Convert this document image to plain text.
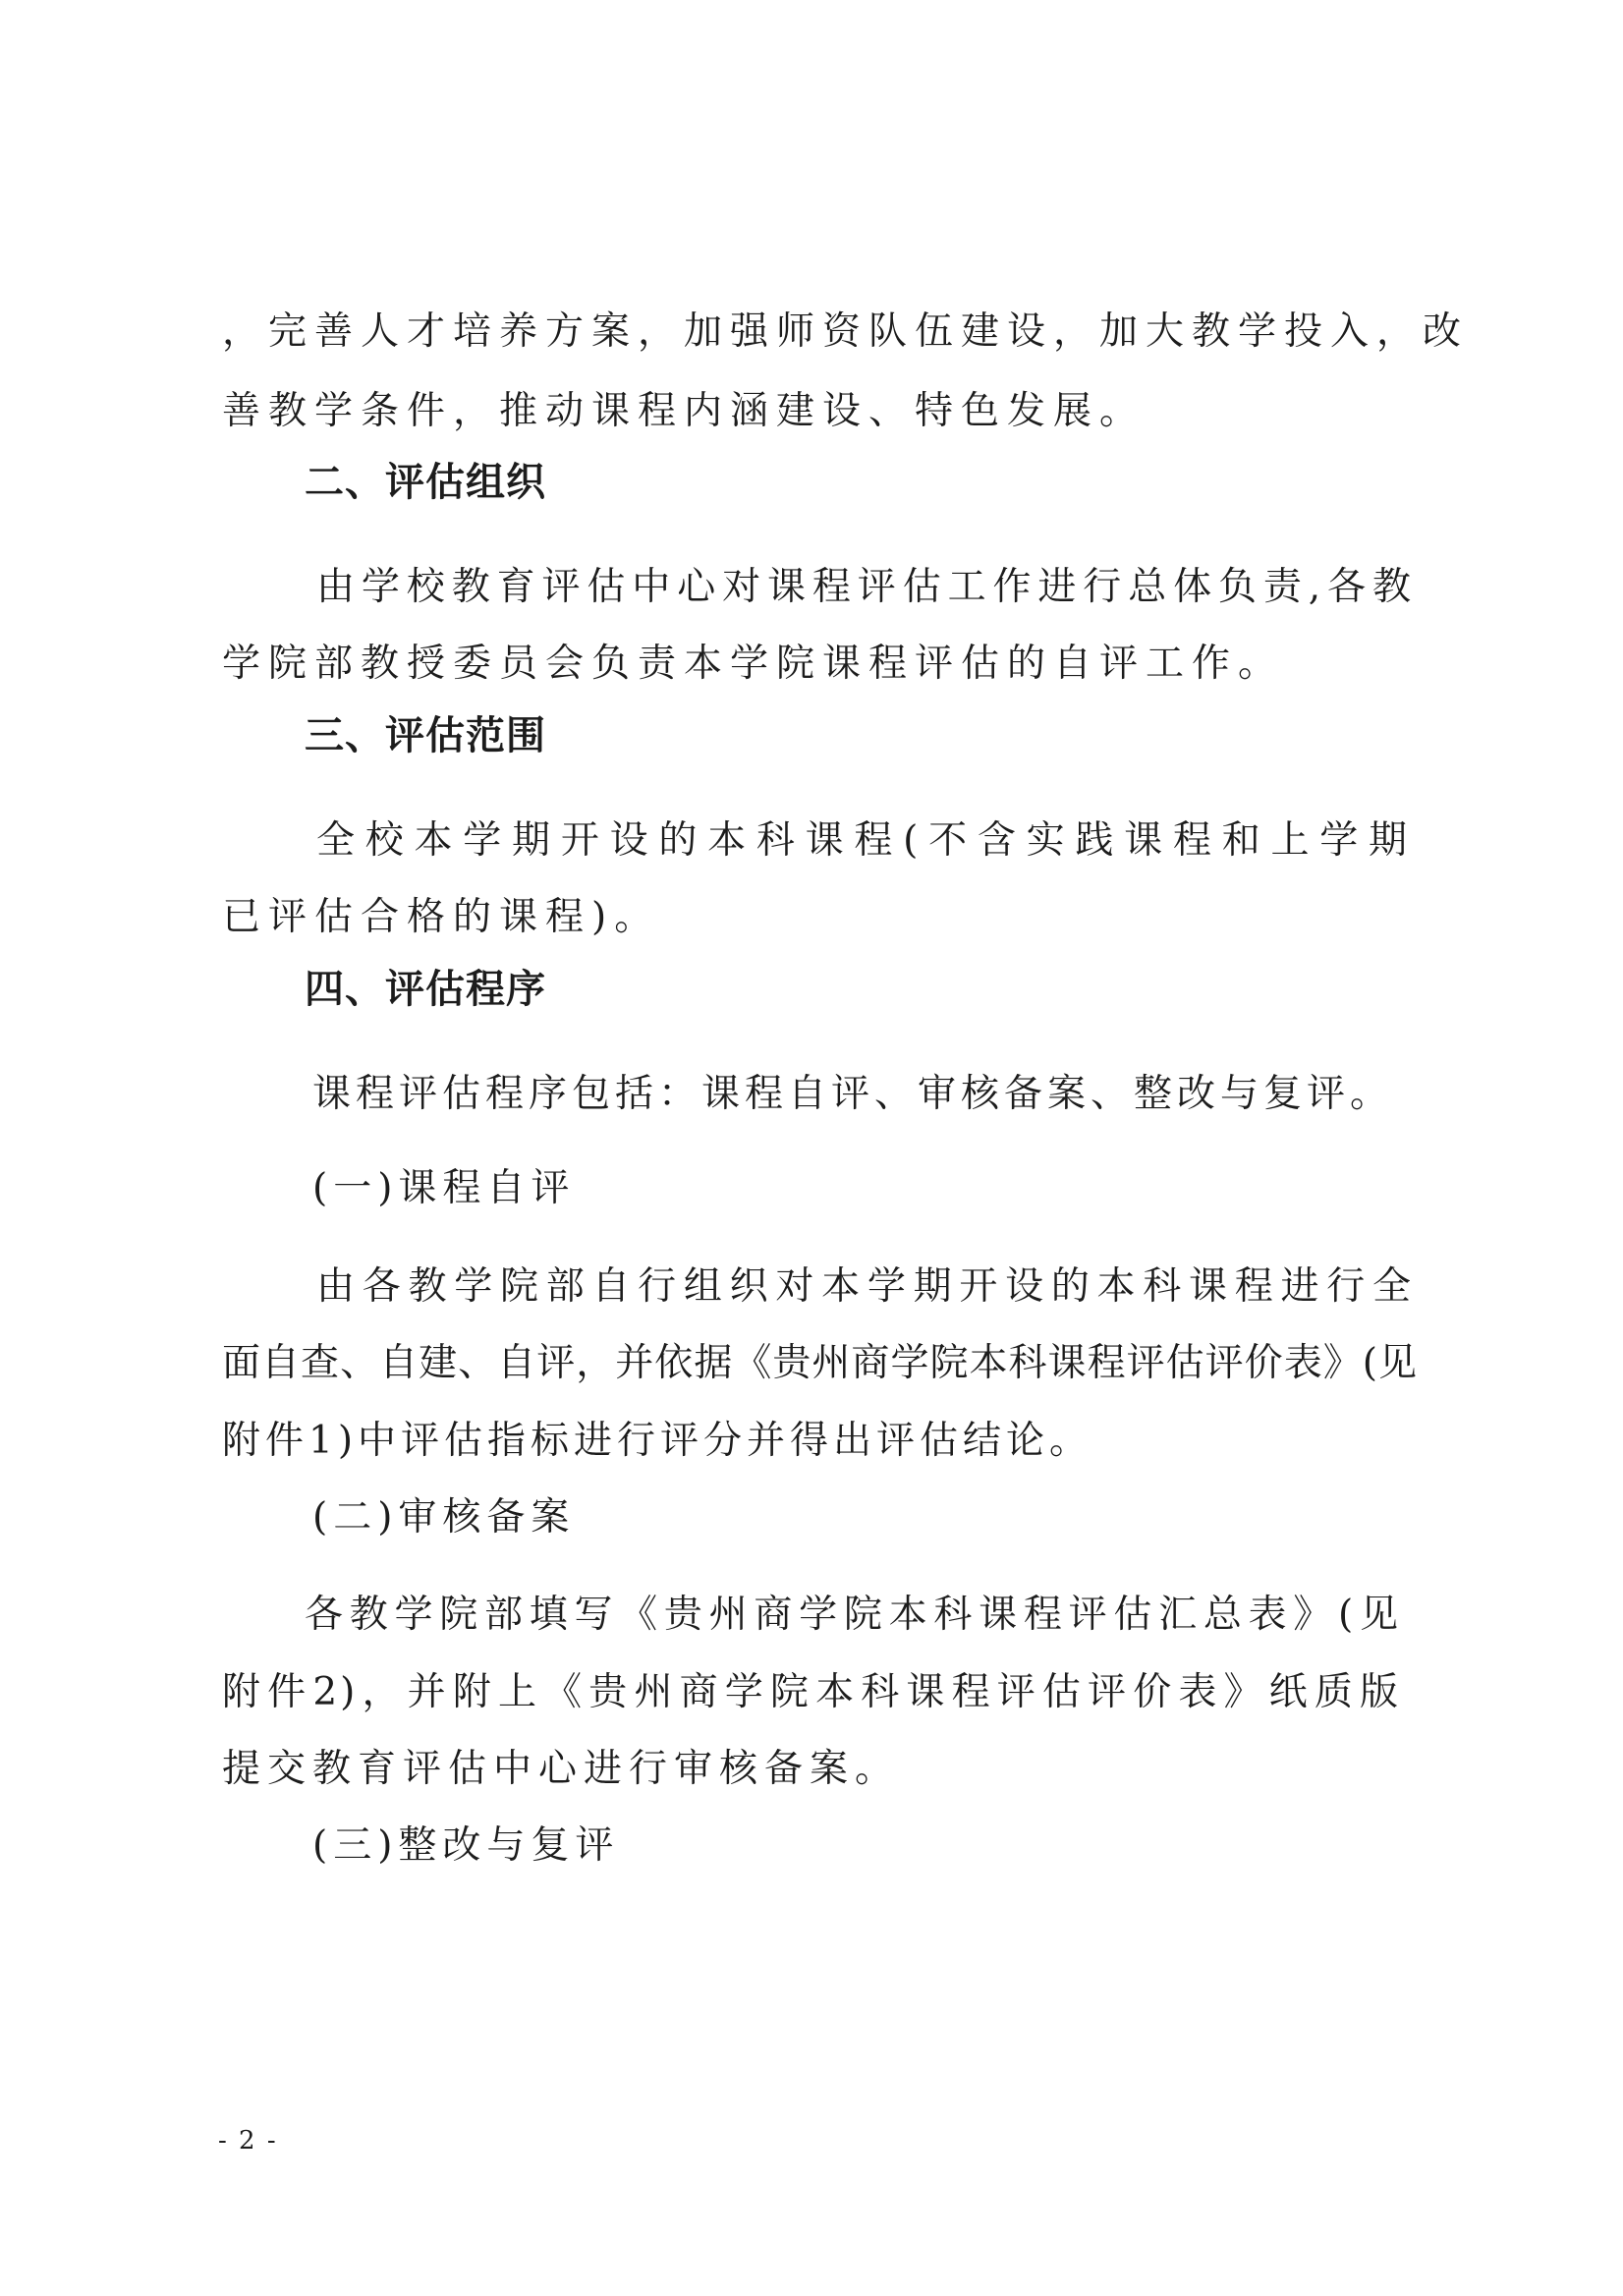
，完善人才培养方案，加强师资队伍建设，加大教学投入，改

善教学条件，推动课程内涵建设、特色发展。

二、评估组织

由学校教育评估中心对课程评估工作进行总体负责,各教

学院部教授委员会负责本学院课程评估的自评工作。

三、评估范围

全校本学期开设的本科课程(不含实践课程和上学期

已评估合格的课程)。

四、评估程序

课程评估程序包括：课程自评、审核备案、整改与复评。

(一)课程自评

由各教学院部自行组织对本学期开设的本科课程进行全

面自查、自建、自评，并依据《贵州商学院本科课程评估评价表》(见

附件1)中评估指标进行评分并得出评估结论。

(二)审核备案

各教学院部填写《贵州商学院本科课程评估汇总表》(见

附件2)，并附上《贵州商学院本科课程评估评价表》纸质版

提交教育评估中心进行审核备案。

(三)整改与复评

- 2 -
